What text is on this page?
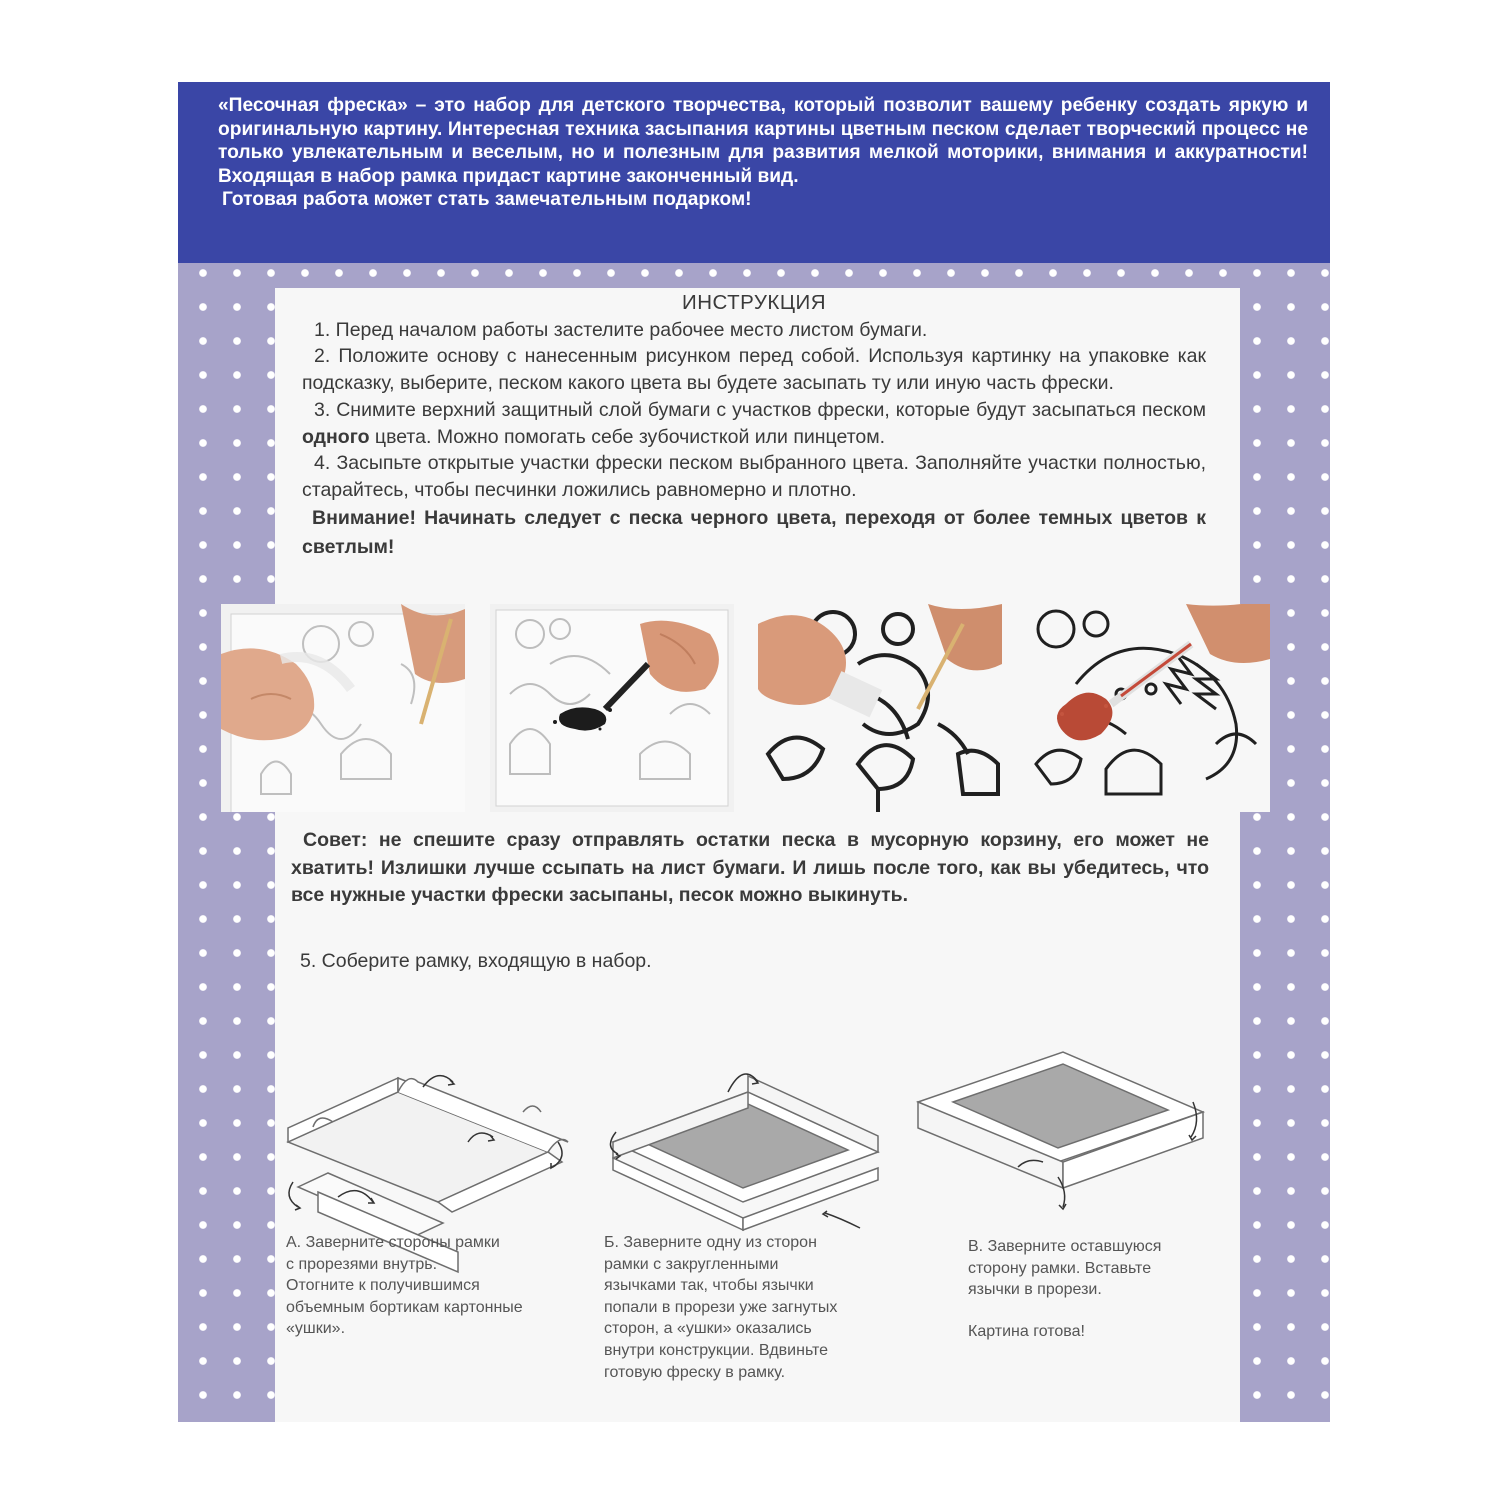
«Песочная фреска» – это набор для детского творчества, который позволит вашему ребенку создать яркую и оригинальную картину. Интересная техника засыпания картины цветным песком сделает творческий процесс не только увлекательным и веселым, но и полезным для развития мелкой моторики, внимания и аккуратности! Входящая в набор рамка придаст картине законченный вид.

Готовая работа может стать замечательным подарком!

ИНСТРУКЦИЯ

1. Перед началом работы застелите рабочее место листом бумаги.

2. Положите основу с нанесенным рисунком перед собой. Используя картинку на упаковке как подсказку, выберите, песком какого цвета вы будете засыпать ту или иную часть фрески.

3. Снимите верхний защитный слой бумаги с участков фрески, которые будут засыпаться песком одного цвета. Можно помогать себе зубочисткой или пинцетом.

4. Засыпьте открытые участки фрески песком выбранного цвета. Заполняйте участки полностью, старайтесь, чтобы песчинки ложились равномерно и плотно.

Внимание! Начинать следует с песка черного цвета, переходя от более темных цветов к светлым!

Совет: не спешите сразу отправлять остатки песка в мусорную корзину, его может не хватить! Излишки лучше ссыпать на лист бумаги. И лишь после того, как вы убедитесь, что все нужные участки фрески засыпаны, песок можно выкинуть.
5. Соберите рамку, входящую в набор.
А. Заверните стороны рамки
с прорезями внутрь.
Отогните к получившимся
объемным бортикам картонные
«ушки».
Б. Заверните одну из сторон
рамки с закругленными
язычками так, чтобы язычки
попали в прорези уже загнутых
сторон, а «ушки» оказались
внутри конструкции. Вдвиньте
готовую фреску в рамку.
В. Заверните оставшуюся
сторону рамки. Вставьте
язычки в прорези.
Картина готова!
